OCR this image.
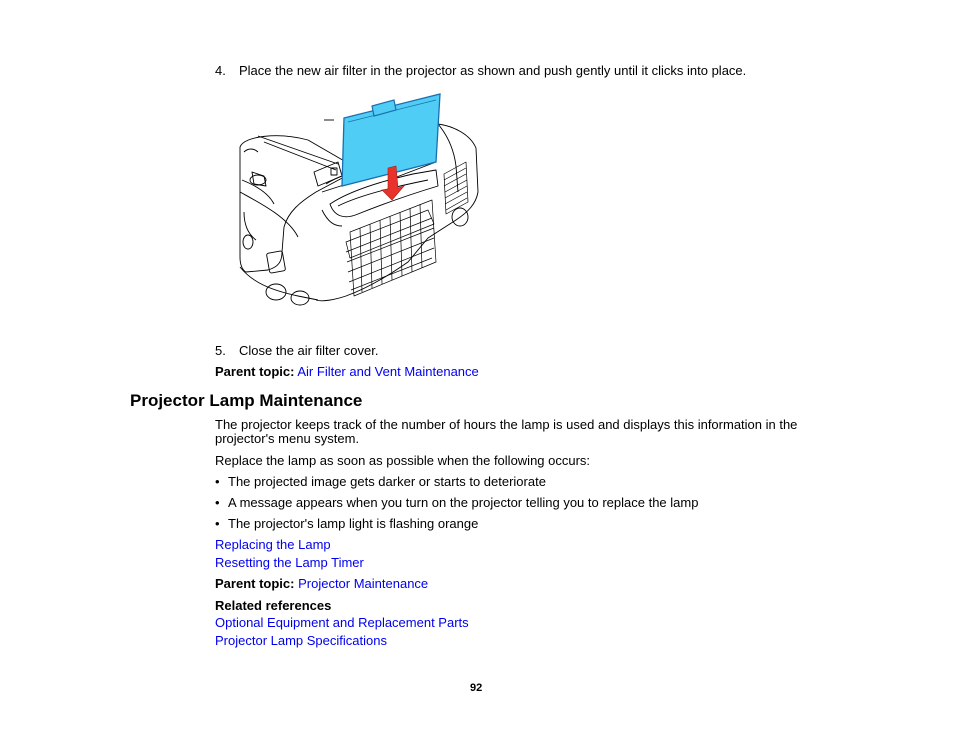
4. Place the new air filter in the projector as shown and push gently until it clicks into place.
5. Close the air filter cover.
Parent topic: Air Filter and Vent Maintenance
Projector Lamp Maintenance
The projector keeps track of the number of hours the lamp is used and displays this information in the
projector's menu system.
Replace the lamp as soon as possible when the following occurs:
• The projected image gets darker or starts to deteriorate
• A message appears when you turn on the projector telling you to replace the lamp
• The projector's lamp light is flashing orange
Replacing the Lamp
Resetting the Lamp Timer
Parent topic: Projector Maintenance
Related references
Optional Equipment and Replacement Parts
Projector Lamp Specifications
92
